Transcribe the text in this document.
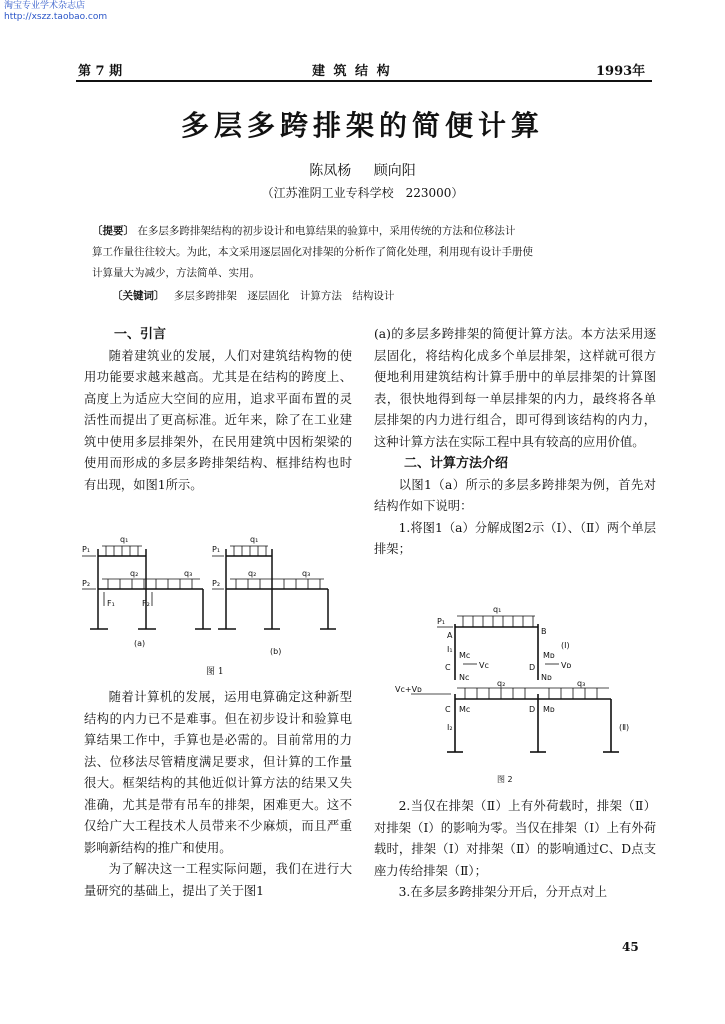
淘宝专业学术杂志店
http://xszz.taobao.com
第 7 期	建 筑 结 构	1993年
多层多跨排架的简便计算
陈凤杨 顾向阳
（江苏淮阴工业专科学校　223000）

〔提要〕 在多层多跨排架结构的初步设计和电算结果的验算中，采用传统的方法和位移法计

算工作量往往较大。为此，本文采用逐层固化对排架的分析作了简化处理，利用现有设计手册使

计算量大为减少，方法简单、实用。

〔关键词〕 多层多跨排架　逐层固化　计算方法　结构设计
一、引言

随着建筑业的发展，人们对建筑结构物的使用功能要求越来越高。尤其是在结构的跨度上、高度上为适应大空间的应用，追求平面布置的灵活性而提出了更高标准。近年来，除了在工业建筑中使用多层排架外，在民用建筑中因桁架梁的使用而形成的多层多跨排架结构、框排结构也时有出现，如图1所示。

q₁
q₂	q₃
P₁
P₂
F₁	F₂
(a)
(b)
q₁
q₂	q₃
P₁
P₂
图 1

随着计算机的发展，运用电算确定这种新型结构的内力已不是难事。但在初步设计和验算电算结果工作中，手算也是必需的。目前常用的力法、位移法尽管精度满足要求，但计算的工作量很大。框架结构的其他近似计算方法的结果又失准确，尤其是带有吊车的排架，困难更大。这不仅给广大工程技术人员带来不少麻烦，而且严重影响新结构的推广和使用。

为了解决这一工程实际问题，我们在进行大量研究的基础上，提出了关于图1

(a)的多层多跨排架的简便计算方法。本方法采用逐层固化，将结构化成多个单层排架，这样就可很方便地利用建筑结构计算手册中的单层排架的计算图表，很快地得到每一单层排架的内力，最终将各单层排架的内力进行组合，即可得到该结构的内力，这种计算方法在实际工程中具有较高的应用价值。

二、计算方法介绍

以图1（a）所示的多层多跨排架为例，首先对结构作如下说明：

1.将图1（a）分解成图2示（Ⅰ）、（Ⅱ）两个单层排架；

q₁
q₂	q₃
P₁
A	B
I₁	(Ⅰ)
Mc	Mᴅ
C	Vc	D	Vᴅ
Nc	Nᴅ
Vc+Vᴅ
C Mc	D Mᴅ
I₂	(Ⅱ)
图 2

2.当仅在排架（Ⅱ）上有外荷载时，排架（Ⅱ）对排架（Ⅰ）的影响为零。当仅在排架（Ⅰ）上有外荷载时，排架（Ⅰ）对排架（Ⅱ）的影响通过C、D点支座力传给排架（Ⅱ）；

3.在多层多跨排架分开后，分开点对上

45
